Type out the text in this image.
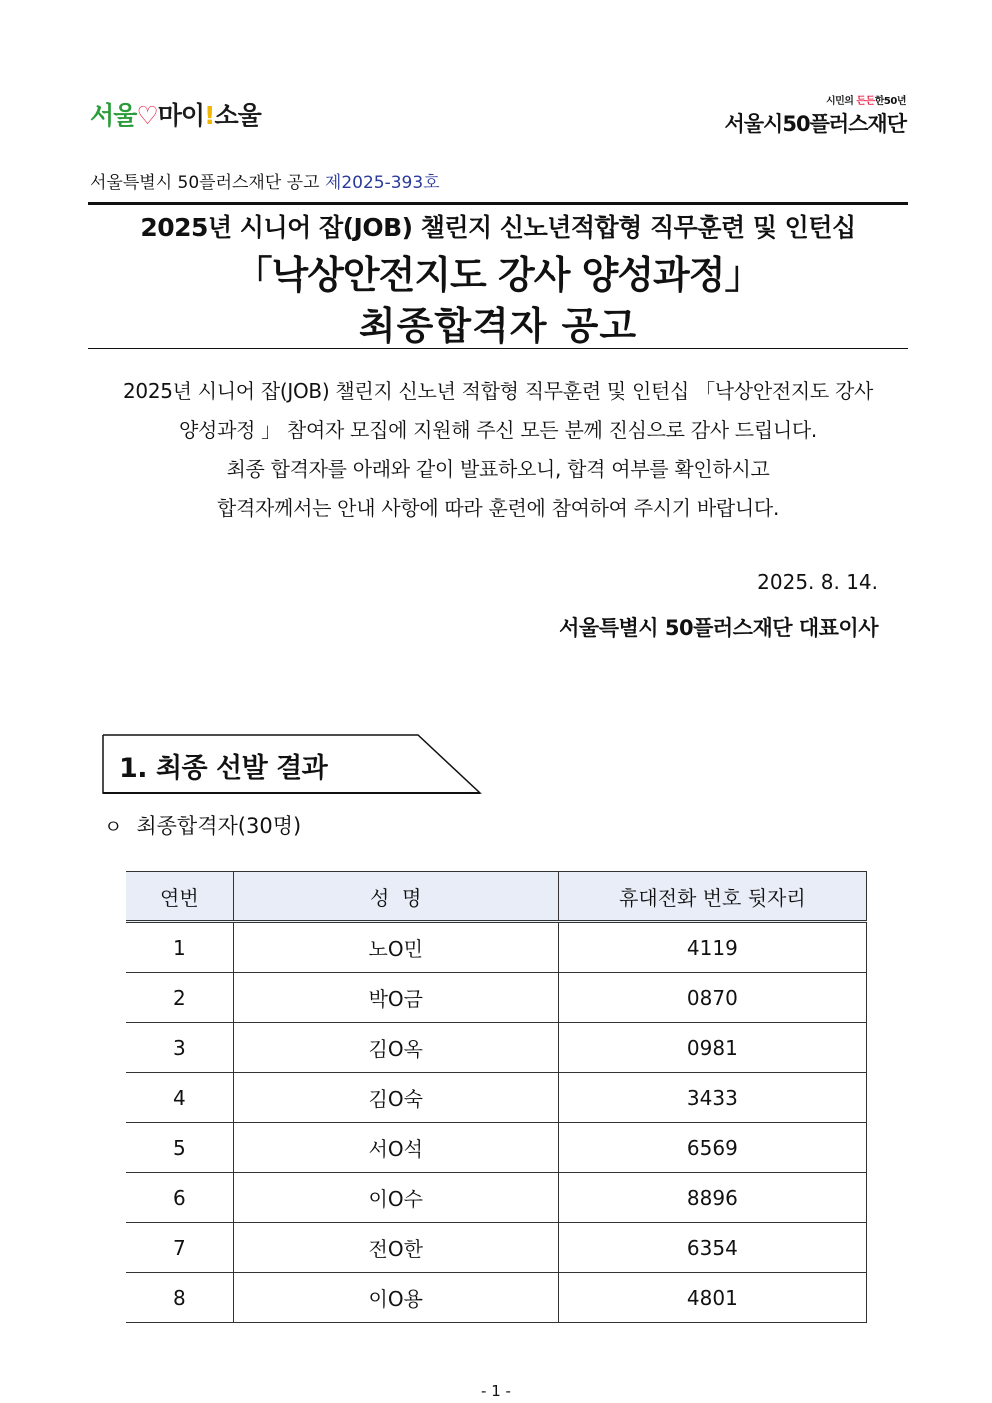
서울♡마이!소울	시민의 든든한50년
서울시50플러스재단
서울특별시 50플러스재단 공고 제2025-393호
2025년 시니어 잡(JOB) 챌린지 신노년적합형 직무훈련 및 인턴십
「낙상안전지도 강사 양성과정」
최종합격자 공고
2025년 시니어 잡(JOB) 챌린지 신노년 적합형 직무훈련 및 인턴십 「낙상안전지도 강사
양성과정 」 참여자 모집에 지원해 주신 모든 분께 진심으로 감사 드립니다.
최종 합격자를 아래와 같이 발표하오니, 합격 여부를 확인하시고
합격자께서는 안내 사항에 따라 훈련에 참여하여 주시기 바랍니다.
2025. 8. 14.
서울특별시 50플러스재단 대표이사
1. 최종 선발 결과
ㅇ 최종합격자(30명)
연번	성  명	휴대전화 번호 뒷자리
1	노O민	4119
2	박O금	0870
3	김O옥	0981
4	김O숙	3433
5	서O석	6569
6	이O수	8896
7	전O한	6354
8	이O용	4801
- 1 -
